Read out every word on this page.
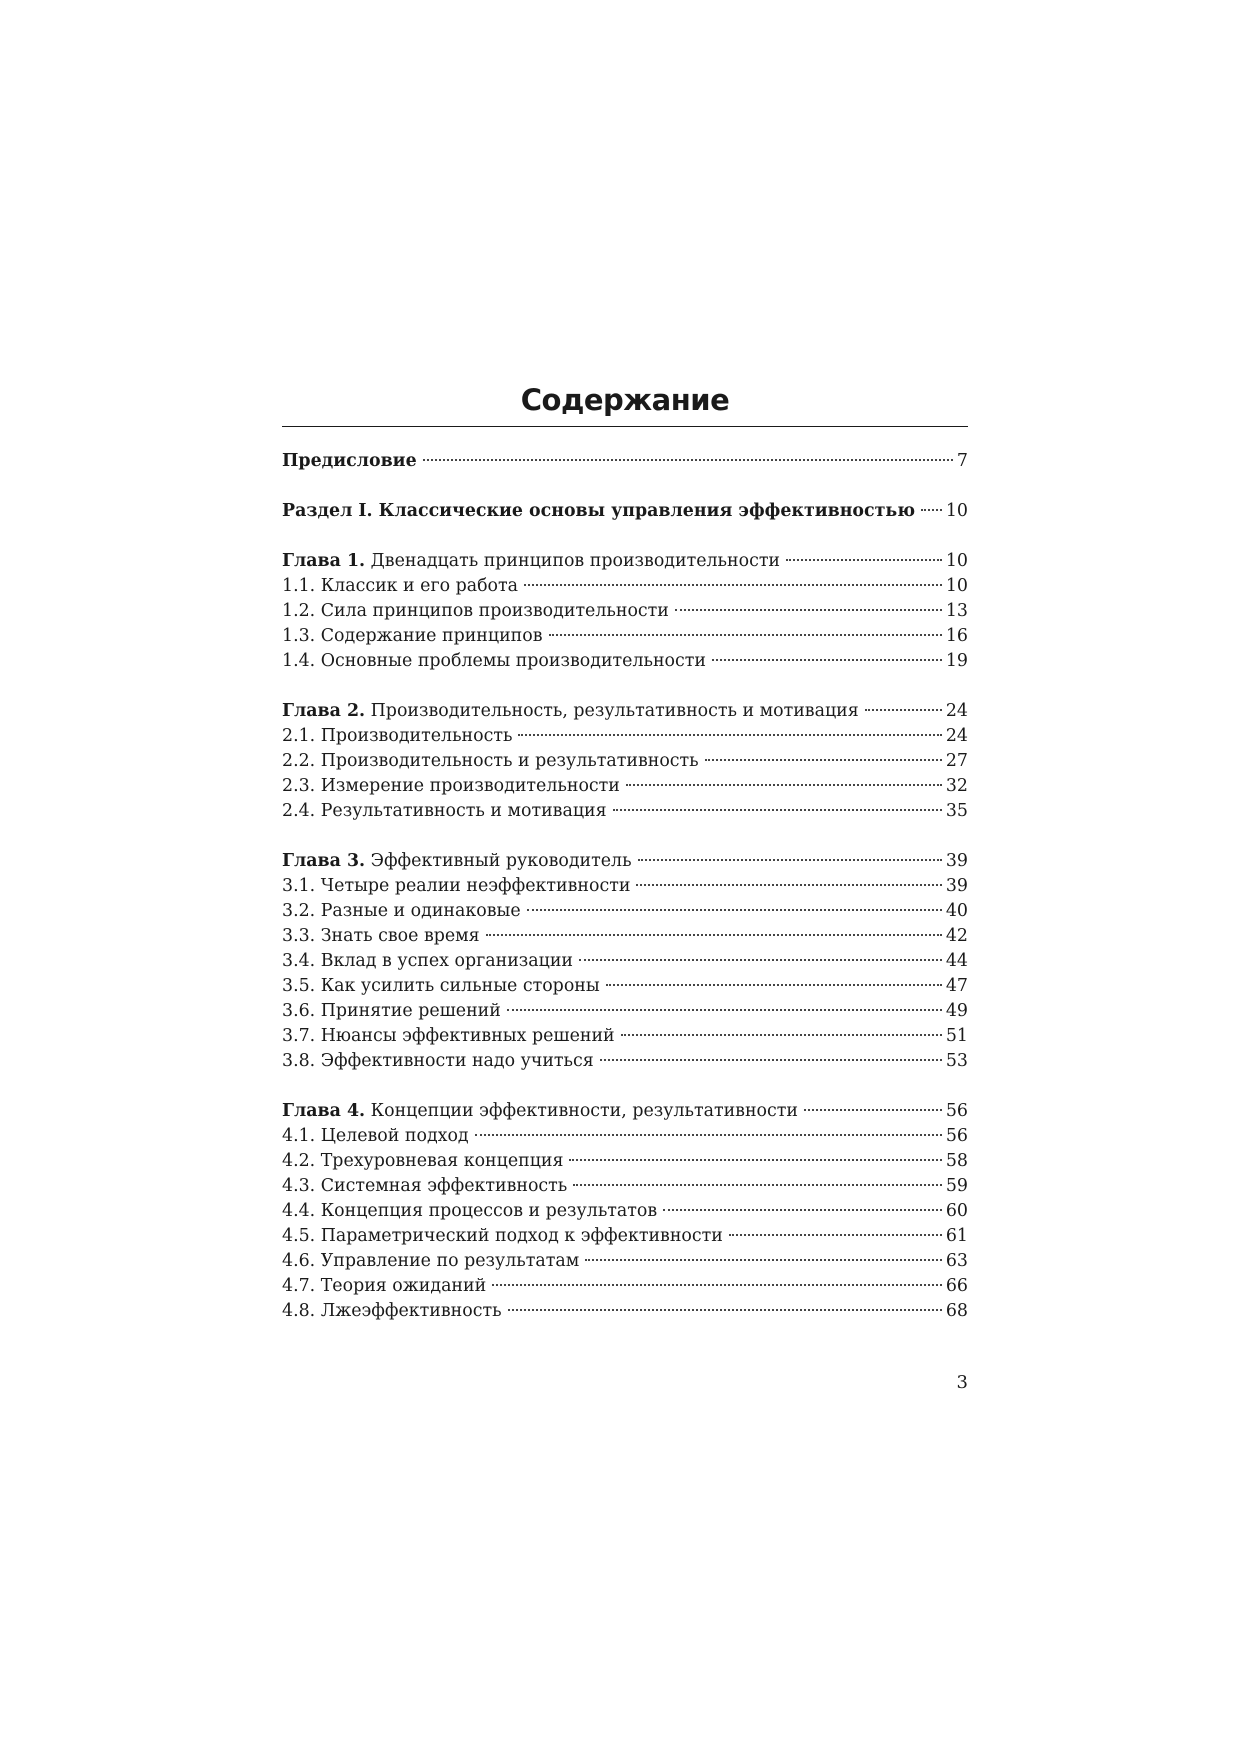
Содержание
Предисловие	7
Раздел I. Классические основы управления эффективностью 10
Глава 1. Двенадцать принципов производительности	10
1.1. Классик и его работа	10
1.2. Сила принципов производительности	13
1.3. Содержание принципов	16
1.4. Основные проблемы производительности	19
Глава 2. Производительность, результативность и мотивация	24
2.1. Производительность	24
2.2. Производительность и результативность	27
2.3. Измерение производительности	32
2.4. Результативность и мотивация	35
Глава 3. Эффективный руководитель	39
3.1. Четыре реалии неэффективности	39
3.2. Разные и одинаковые	40
3.3. Знать свое время	42
3.4. Вклад в успех организации	44
3.5. Как усилить сильные стороны	47
3.6. Принятие решений	49
3.7. Нюансы эффективных решений	51
3.8. Эффективности надо учиться	53
Глава 4. Концепции эффективности, результативности	56
4.1. Целевой подход	56
4.2. Трехуровневая концепция	58
4.3. Системная эффективность	59
4.4. Концепция процессов и результатов	60
4.5. Параметрический подход к эффективности	61
4.6. Управление по результатам	63
4.7. Теория ожиданий	66
4.8. Лжеэффективность	68
3
